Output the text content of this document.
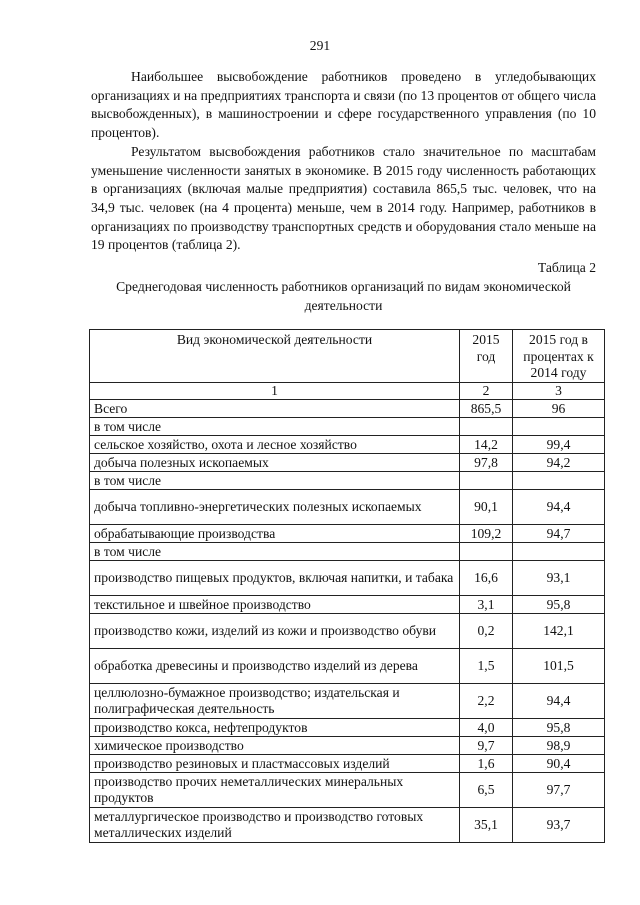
291

Наибольшее высвобождение работников проведено в угледобывающих организациях и на предприятиях транспорта и связи (по 13 процентов от общего числа высвобожденных), в машиностроении и сфере государственного управления (по 10 процентов).

Результатом высвобождения работников стало значительное по масштабам уменьшение численности занятых в экономике. В 2015 году численность работающих в организациях (включая малые предприятия) составила 865,5 тыс. человек, что на 34,9 тыс. человек (на 4 процента) меньше, чем в 2014 году. Например, работников в организациях по производству транспортных средств и оборудования стало меньше на 19 процентов (таблица 2).

Таблица 2
Среднегодовая численность работников организаций по видам экономической деятельности
Вид экономической деятельности	2015 год	2015 год в процентах к 2014 году
1	2	3
Всего	865,5	96
в том числе		
сельское хозяйство, охота и лесное хозяйство	14,2	99,4
добыча полезных ископаемых	97,8	94,2
в том числе		
добыча топливно-энергетических полезных ископаемых	90,1	94,4
обрабатывающие производства	109,2	94,7
в том числе		
производство пищевых продуктов, включая напитки, и табака	16,6	93,1
текстильное и швейное производство	3,1	95,8
производство кожи, изделий из кожи и производство обуви	0,2	142,1
обработка древесины и производство изделий из дерева	1,5	101,5
целлюлозно-бумажное производство; издательская и полиграфическая деятельность	2,2	94,4
производство кокса, нефтепродуктов	4,0	95,8
химическое производство	9,7	98,9
производство резиновых и пластмассовых изделий	1,6	90,4
производство прочих неметаллических минеральных продуктов	6,5	97,7
металлургическое производство и производство готовых металлических изделий	35,1	93,7
